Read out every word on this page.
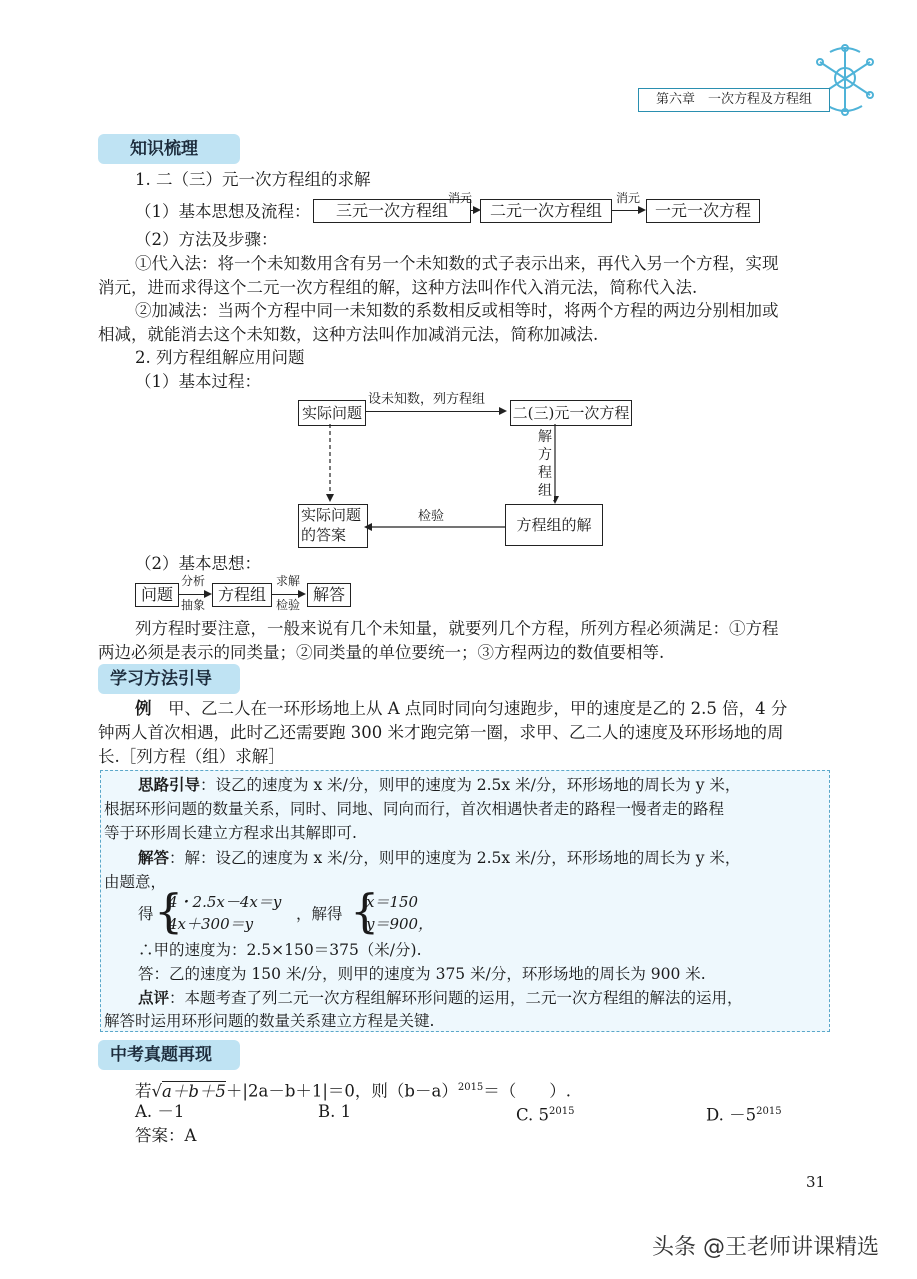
第六章　一次方程及方程组
知识梳理
1. 二（三）元一次方程组的求解
（1）基本思想及流程：	三元一次方程组
消元
二元一次方程组
消元
一元一次方程
（2）方法及步骤：
①代入法：将一个未知数用含有另一个未知数的式子表示出来，再代入另一个方程，实现
消元，进而求得这个二元一次方程组的解，这种方法叫作代入消元法，简称代入法.
②加减法：当两个方程中同一未知数的系数相反或相等时，将两个方程的两边分别相加或
相减，就能消去这个未知数，这种方法叫作加减消元法，简称加减法.
2. 列方程组解应用问题
（1）基本过程：
实际问题
设未知数，列方程组
二(三)元一次方程
解
方
程
组
实际问题
的答案
检验	方程组的解
（2）基本思想：
问题
分析
抽象
方程组
求解
检验
解答
列方程时要注意，一般来说有几个未知量，就要列几个方程，所列方程必须满足：①方程
两边必须是表示的同类量；②同类量的单位要统一；③方程两边的数值要相等.
学习方法引导
例　甲、乙二人在一环形场地上从 A 点同时同向匀速跑步，甲的速度是乙的 2.5 倍，4 分
钟两人首次相遇，此时乙还需要跑 300 米才跑完第一圈，求甲、乙二人的速度及环形场地的周
长.［列方程（组）求解］
思路引导：设乙的速度为 x 米/分，则甲的速度为 2.5x 米/分，环形场地的周长为 y 米，
根据环形问题的数量关系，同时、同地、同向而行，首次相遇快者走的路程一慢者走的路程
等于环形周长建立方程求出其解即可.
解答：解：设乙的速度为 x 米/分，则甲的速度为 2.5x 米/分，环形场地的周长为 y 米，
由题意，
得 {
4・2.5x－4x＝y
4x＋300＝y
，解得 {
x＝150
y＝900，
∴甲的速度为：2.5×150＝375（米/分).
答：乙的速度为 150 米/分，则甲的速度为 375 米/分，环形场地的周长为 900 米.
点评：本题考查了列二元一次方程组解环形问题的运用，二元一次方程组的解法的运用，
解答时运用环形问题的数量关系建立方程是关键.
中考真题再现
若√a＋b＋5＋|2a－b＋1|＝0，则$(b-a)^{2015}=$（　　）.
A. －1	B. 1	C. $5^{2015}$	D. $-5^{2015}$
答案：A
31
头条 @王老师讲课精选
